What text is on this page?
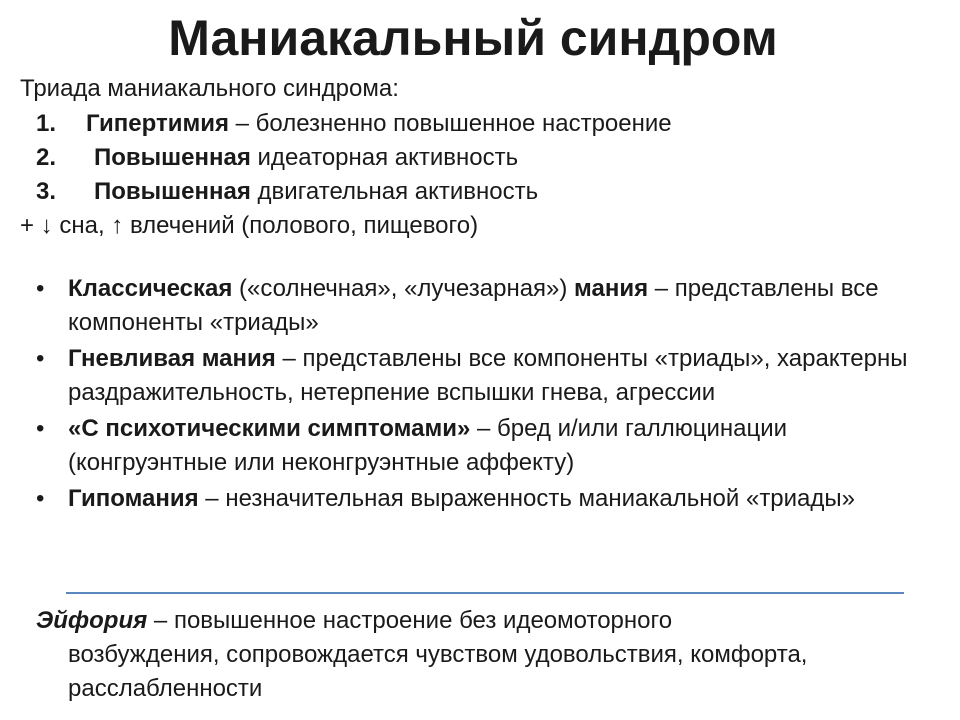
Маниакальный синдром
Триада маниакального синдрома:
1. Гипертимия – болезненно повышенное настроение
2. Повышенная идеаторная активность
3. Повышенная двигательная активность
+ ↓ сна, ↑ влечений (полового, пищевого)
• Классическая («солнечная», «лучезарная») мания – представлены все компоненты «триады»
• Гневливая мания – представлены все компоненты «триады», характерны раздражительность, нетерпение вспышки гнева, агрессии
• «С психотическими симптомами» – бред и/или галлюцинации (конгруэнтные или неконгруэнтные аффекту)
• Гипомания – незначительная выраженность маниакальной «триады»
Эйфория – повышенное настроение без идеомоторного
возбуждения, сопровождается чувством удовольствия, комфорта, расслабленности
